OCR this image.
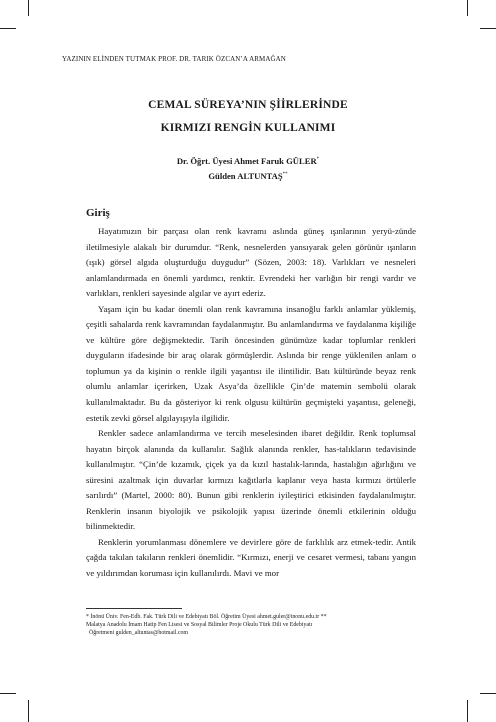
YAZININ ELİNDEN TUTMAK PROF. DR. TARIK ÖZCAN’A ARMAĞAN
CEMAL SÜREYA’NIN ŞİİRLERİNDE
KIRMIZI RENGİN KULLANIMI
Dr. Öğrt. Üyesi Ahmet Faruk GÜLER*
Gülden ALTUNTAŞ**
Giriş

Hayatımızın bir parçası olan renk kavramı aslında güneş ışınlarının yeryü-zünde iletilmesiyle alakalı bir durumdur. “Renk, nesnelerden yansıyarak gelen görünür ışınların (ışık) görsel algıda oluşturduğu duygudur” (Sözen, 2003: 18). Varlıkları ve nesneleri anlamlandırmada en önemli yardımcı, renktir. Evrendeki her varlığın bir rengi vardır ve varlıkları, renkleri sayesinde algılar ve ayırt ederiz.

Yaşam için bu kadar önemli olan renk kavramına insanoğlu farklı anlamlar yüklemiş, çeşitli sahalarda renk kavramından faydalanmıştır. Bu anlamlandırma ve faydalanma kişiliğe ve kültüre göre değişmektedir. Tarih öncesinden günümüze kadar toplumlar renkleri duyguların ifadesinde bir araç olarak görmüşlerdir. Aslında bir renge yüklenilen anlam o toplumun ya da kişinin o renkle ilgili yaşantısı ile ilintilidir. Batı kültüründe beyaz renk olumlu anlamlar içerirken, Uzak Asya’da özellikle Çin’de matemin sembolü olarak kullanılmaktadır. Bu da gösteriyor ki renk olgusu kültürün geçmişteki yaşantısı, geleneği, estetik zevki görsel algılayışıyla ilgilidir.

Renkler sadece anlamlandırma ve tercih meselesinden ibaret değildir. Renk toplumsal hayatın birçok alanında da kullanılır. Sağlık alanında renkler, has-talıkların tedavisinde kullanılmıştır. “Çin’de kızamık, çiçek ya da kızıl hastalık-larında, hastalığın ağırlığını ve süresini azaltmak için duvarlar kırmızı kağıtlarla kaplanır veya hasta kırmızı örtülerle sarılırdı” (Martel, 2000: 80). Bunun gibi renklerin iyileştirici etkisinden faydalanılmıştır. Renklerin insanın biyolojik ve psikolojik yapısı üzerinde önemli etkilerinin olduğu bilinmektedir.

Renklerin yorumlanması dönemlere ve devirlere göre de farklılık arz etmek-tedir. Antik çağda takılan takıların renkleri önemlidir. “Kırmızı, enerji ve cesaret vermesi, tabanı yangın ve yıldırımdan koruması için kullanılırdı. Mavi ve mor

* İnönü Üniv. Fen-Edb. Fak. Türk Dili ve Edebiyatı Böl. Öğretim Üyesi ahmet.guler@inonu.edu.tr **

Malatya Anadolu İmam Hatip Fen Lisesi ve Sosyal Bilimler Proje Okulu Türk Dili ve Edebiyatı

Öğretmeni gulden_altuntas@hotmail.com
